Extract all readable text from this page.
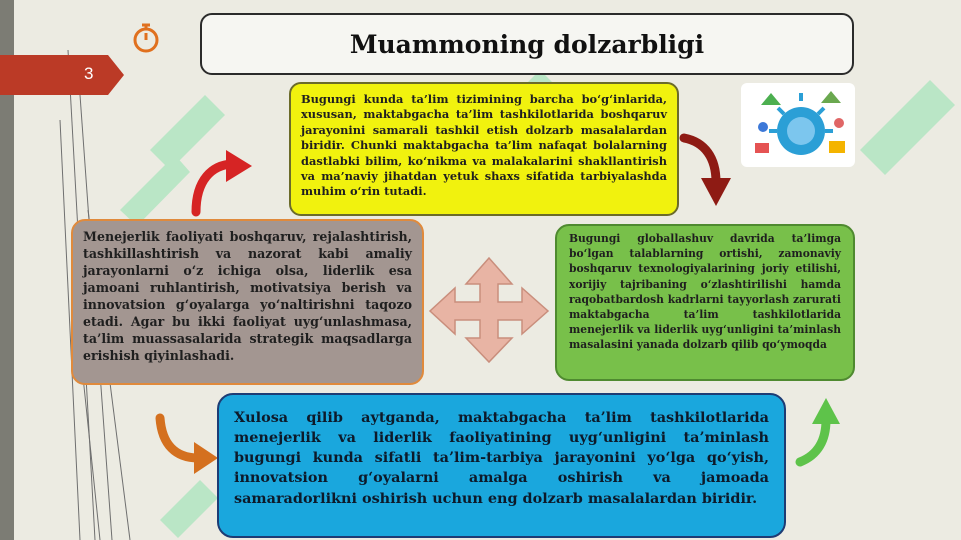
3
Muammoning dolzarbligi
Bugungi kunda ta’lim tizimining barcha bo‘g‘inlarida, xususan, maktabgacha ta’lim tashkilotlarida boshqaruv jarayonini samarali tashkil etish dolzarb masalalardan biridir. Chunki maktabgacha ta’lim nafaqat bolalarning dastlabki bilim, ko‘nikma va malakalarini shakllantirish va ma’naviy jihatdan yetuk shaxs sifatida tarbiyalashda muhim o‘rin tutadi.
Menejerlik faoliyati boshqaruv, rejalashtirish, tashkillashtirish va nazorat kabi amaliy jarayonlarni o‘z ichiga olsa, liderlik esa jamoani ruhlantirish, motivatsiya berish va innovatsion g‘oyalarga yo‘naltirishni taqozo etadi. Agar bu ikki faoliyat uyg‘unlashmasa, ta’lim muassasalarida strategik maqsadlarga erishish qiyinlashadi.
Bugungi globallashuv davrida ta’limga bo‘lgan talablarning ortishi, zamonaviy boshqaruv texnologiyalarining joriy etilishi, xorijiy tajribaning o‘zlashtirilishi hamda raqobatbardosh kadrlarni tayyorlash zarurati maktabgacha ta’lim tashkilotlarida menejerlik va liderlik uyg‘unligini ta’minlash masalasini yanada dolzarb qilib qo‘ymoqda
Xulosa qilib aytganda, maktabgacha ta’lim tashkilotlarida menejerlik va liderlik faoliyatining uyg‘unligini ta’minlash bugungi kunda sifatli ta’lim-tarbiya jarayonini yo‘lga qo‘yish, innovatsion g‘oyalarni amalga oshirish va jamoada samaradorlikni oshirish uchun eng dolzarb masalalardan biridir.
